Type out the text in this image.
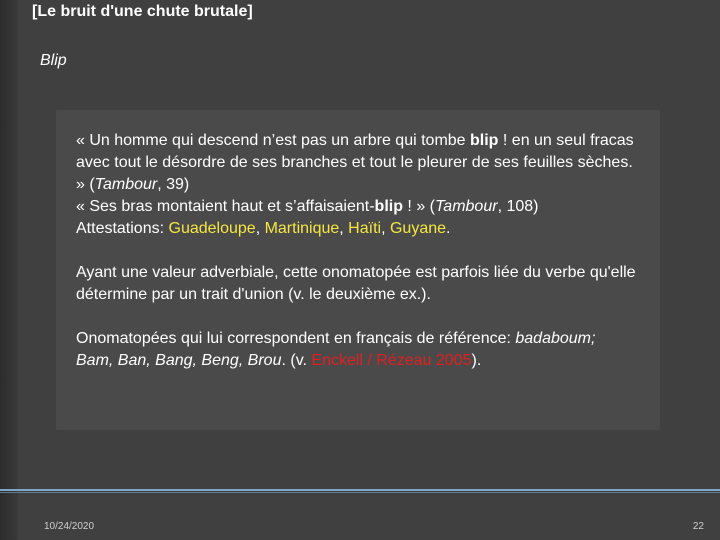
[Le bruit d'une chute brutale]
Blip

« Un homme qui descend n’est pas un arbre qui tombe blip ! en un seul fracas avec tout le désordre de ses branches et tout le pleurer de ses feuilles sèches. » (Tambour, 39)

« Ses bras montaient haut et s’affaisaient-blip ! » (Tambour, 108)

Attestations: Guadeloupe, Martinique, Haïti, Guyane.

Ayant une valeur adverbiale, cette onomatopée est parfois liée du verbe qu'elle détermine par un trait d'union (v. le deuxième ex.).

Onomatopées qui lui correspondent en français de référence: badaboum; Bam, Ban, Bang, Beng, Brou. (v. Enckell / Rézeau 2005).

10/24/2020	22
